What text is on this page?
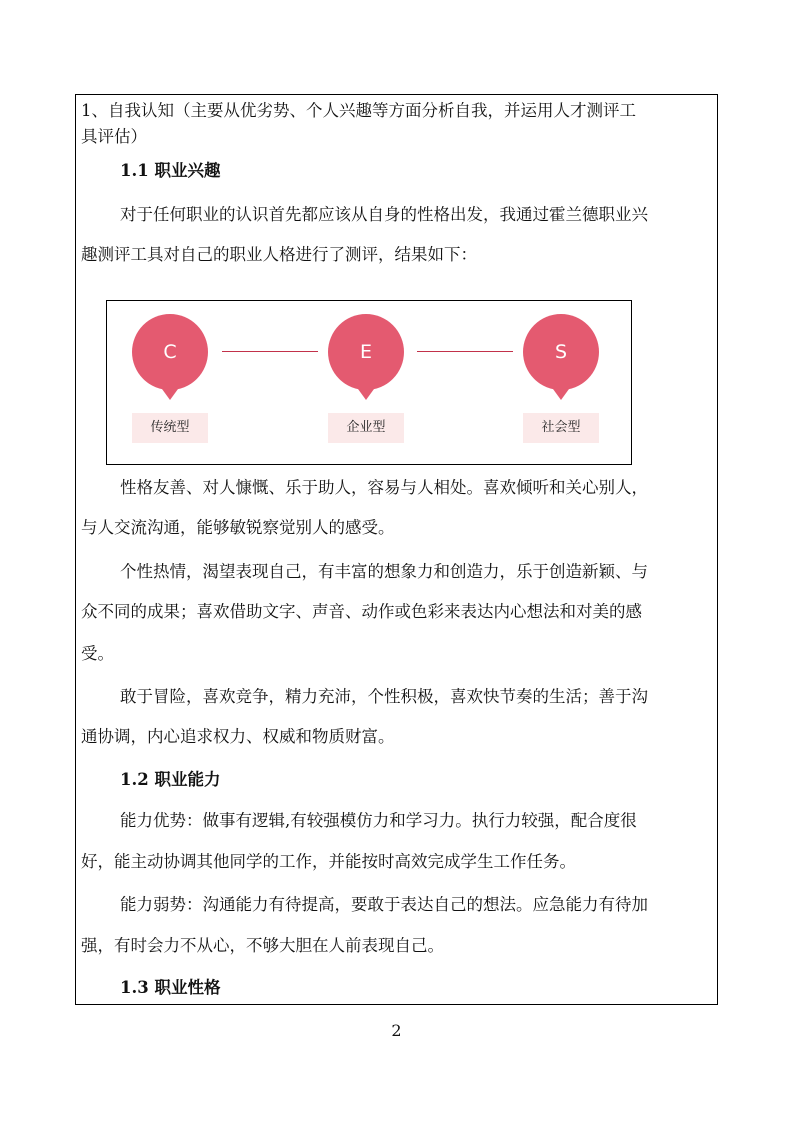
1、自我认知（主要从优劣势、个人兴趣等方面分析自我，并运用人才测评工
具评估）
1.1 职业兴趣
对于任何职业的认识首先都应该从自身的性格出发，我通过霍兰德职业兴
趣测评工具对自己的职业人格进行了测评，结果如下：
C
传统型
E
企业型
S
社会型
性格友善、对人慷慨、乐于助人，容易与人相处。喜欢倾听和关心别人，
与人交流沟通，能够敏锐察觉别人的感受。
个性热情，渴望表现自己，有丰富的想象力和创造力，乐于创造新颖、与
众不同的成果；喜欢借助文字、声音、动作或色彩来表达内心想法和对美的感
受。
敢于冒险，喜欢竞争，精力充沛，个性积极，喜欢快节奏的生活；善于沟
通协调，内心追求权力、权威和物质财富。
1.2 职业能力
能力优势：做事有逻辑,有较强模仿力和学习力。执行力较强，配合度很
好，能主动协调其他同学的工作，并能按时高效完成学生工作任务。
能力弱势：沟通能力有待提高，要敢于表达自己的想法。应急能力有待加
强，有时会力不从心，不够大胆在人前表现自己。
1.3 职业性格
2
